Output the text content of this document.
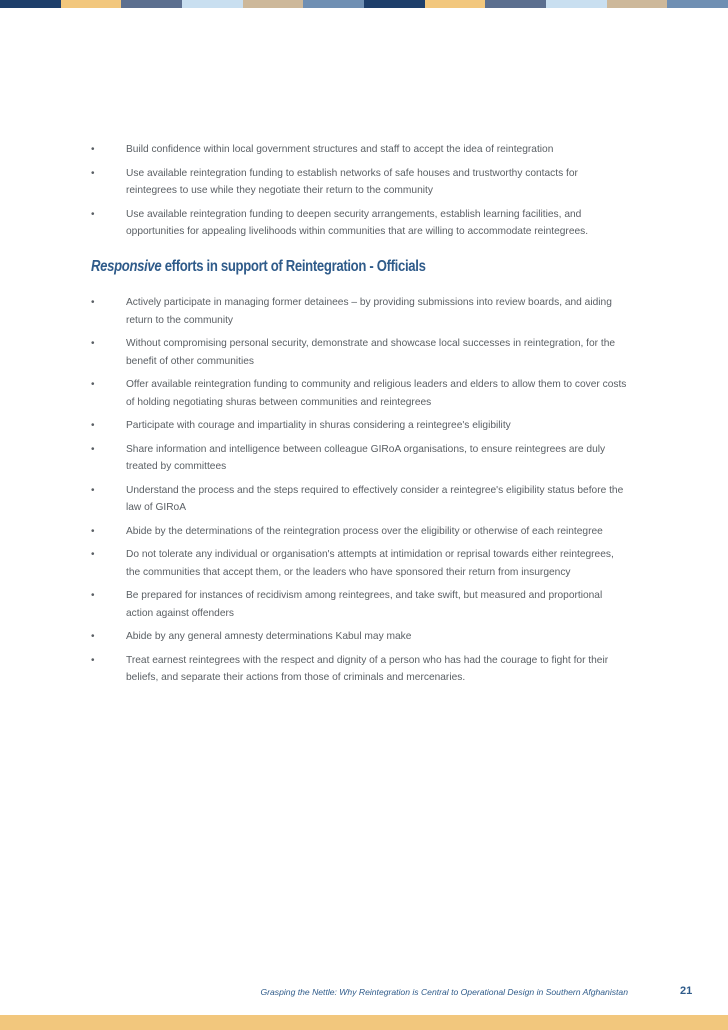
•	Build confidence within local government structures and staff to accept the idea of reintegration
•	Use available reintegration funding to establish networks of safe houses and trustworthy contacts for reintegrees to use while they negotiate their return to the community
•	Use available reintegration funding to deepen security arrangements, establish learning facilities, and opportunities for appealing livelihoods within communities that are willing to accommodate reintegrees.
Responsive efforts in support of Reintegration - Officials
•	Actively participate in managing former detainees – by providing submissions into review boards, and aiding return to the community
•	Without compromising personal security, demonstrate and showcase local successes in reintegration, for the benefit of other communities
•	Offer available reintegration funding to community and religious leaders and elders to allow them to cover costs of holding negotiating shuras between communities and reintegrees
•	Participate with courage and impartiality in shuras considering a reintegree's eligibility
•	Share information and intelligence between colleague GIRoA organisations, to ensure reintegrees are duly treated by committees
•	Understand the process and the steps required to effectively consider a reintegree's eligibility status before the law of GIRoA
•	Abide by the determinations of the reintegration process over the eligibility or otherwise of each reintegree
•	Do not tolerate any individual or organisation's attempts at intimidation or reprisal towards either reintegrees, the communities that accept them, or the leaders who have sponsored their return from insurgency
•	Be prepared for instances of recidivism among reintegrees, and take swift, but measured and proportional action against offenders
•	Abide by any general amnesty determinations Kabul may make
•	Treat earnest reintegrees with the respect and dignity of a person who has had the courage to fight for their beliefs, and separate their actions from those of criminals and mercenaries.
Grasping the Nettle: Why Reintegration is Central to Operational Design in Southern Afghanistan	21
